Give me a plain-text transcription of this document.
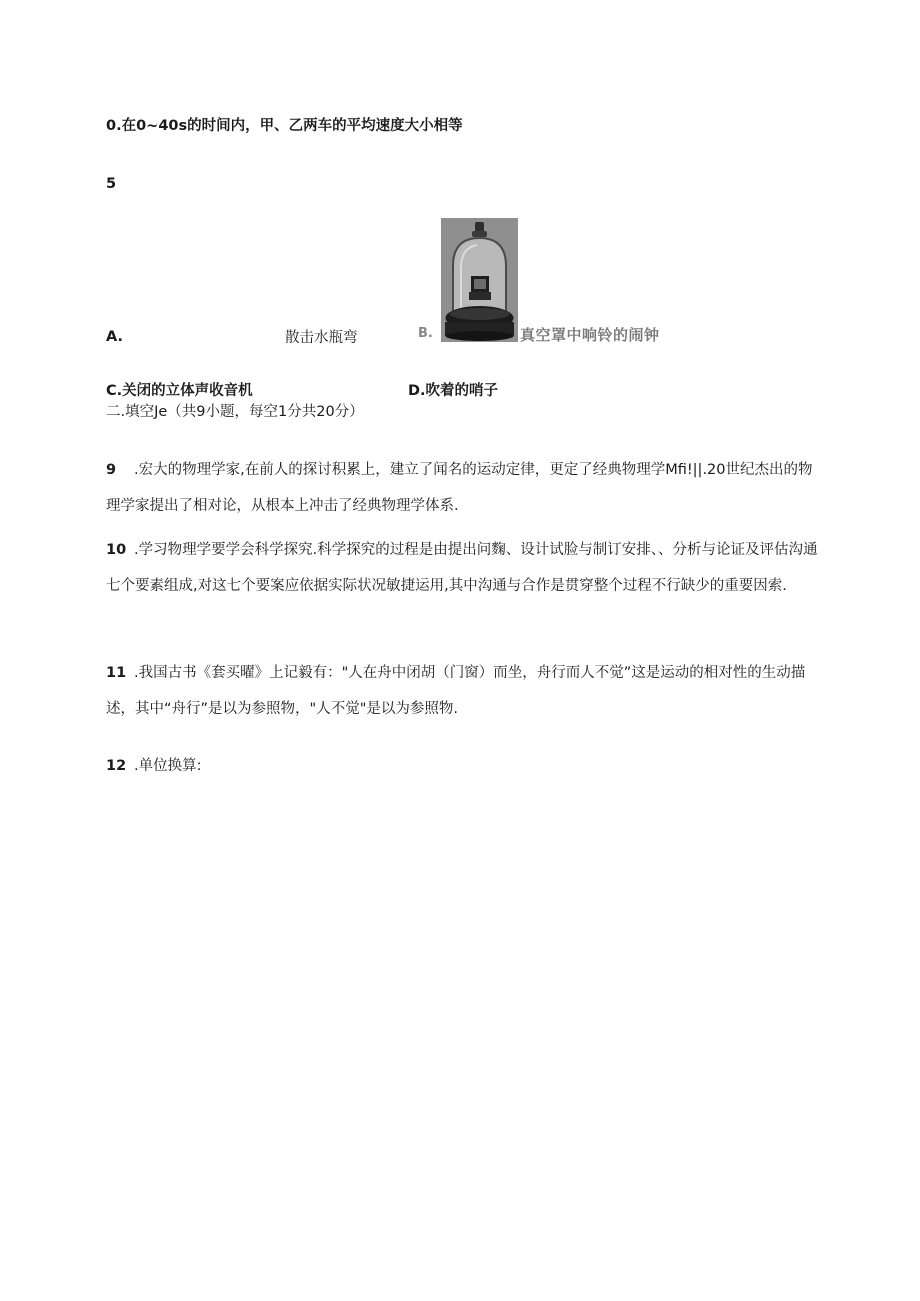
0.在0~40s的时间内，甲、乙两车的平均速度大小相等
5
A.	散击水瓶弯	B.	真空罩中响铃的闹钟
C.关闭的立体声收音机	D.吹着的哨子
二.填空Je（共9小题，每空1分共20分）
9 .宏大的物理学家,在前人的探讨积累上，建立了闻名的运动定律，更定了经典物理学Mfi!||.20世纪杰出的物理学家提出了相对论，从根本上冲击了经典物理学体系.
10 .学习物理学要学会科学探究.科学探究的过程是由提出问麴、设计试脸与制订安排、、分析与论证及评估沟通七个要素组成,对这七个要案应依据实际状况敏捷运用,其中沟通与合作是贯穿整个过程不行缺少的重要因索.
11 .我国古书《套买曜》上记毅有："人在舟中闭胡（门窗）而坐，舟行而人不觉”这是运动的相对性的生动描述，其中“舟行”是以为参照物，"人不觉"是以为参照物.
12 .单位换算:
